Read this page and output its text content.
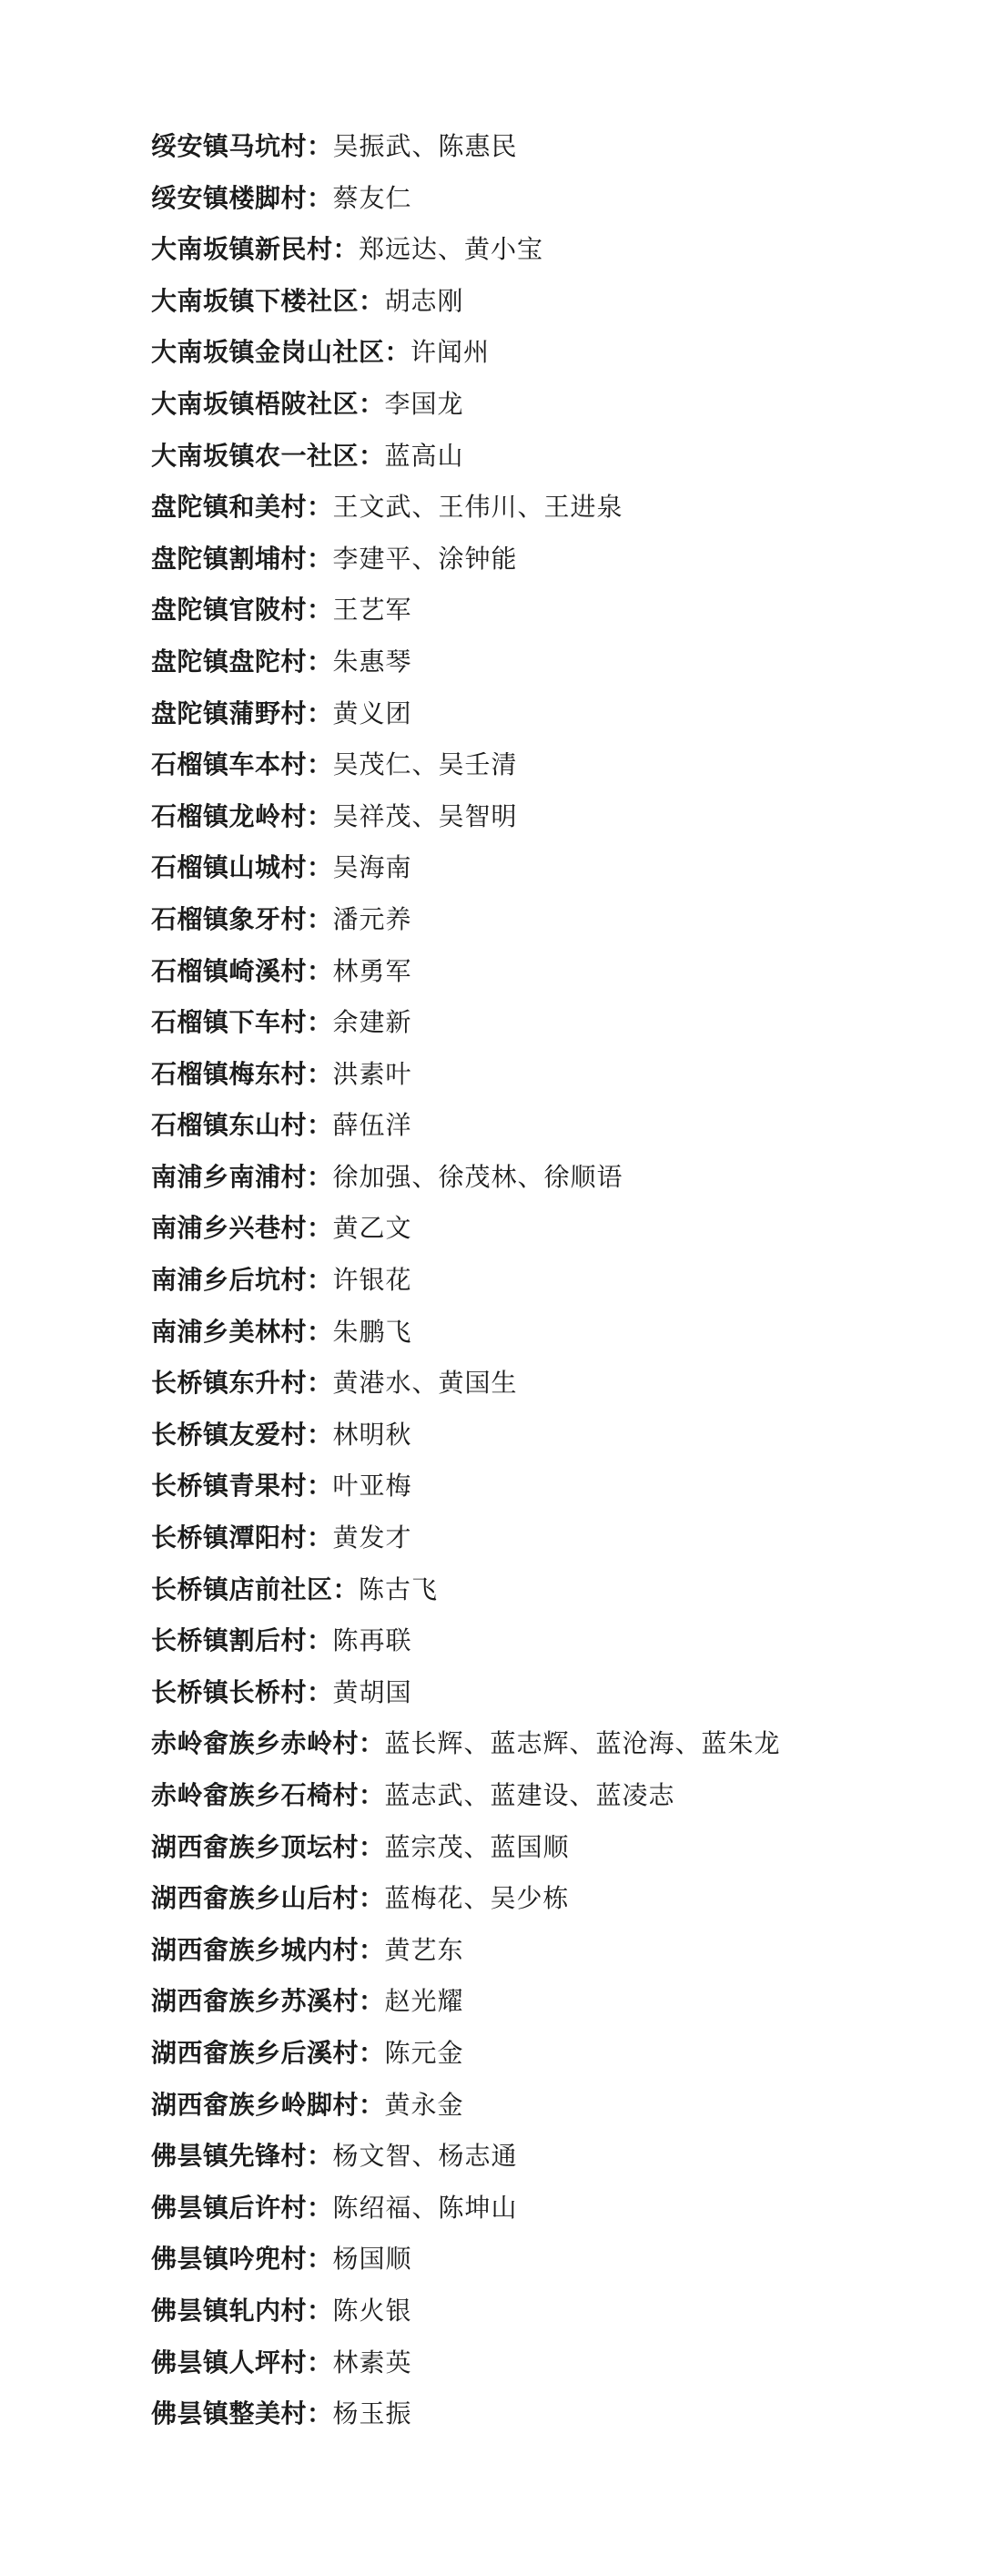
绥安镇马坑村：吴振武、陈惠民
绥安镇楼脚村：蔡友仁
大南坂镇新民村：郑远达、黄小宝
大南坂镇下楼社区：胡志刚
大南坂镇金岗山社区：许闻州
大南坂镇梧陂社区：李国龙
大南坂镇农一社区：蓝高山
盘陀镇和美村：王文武、王伟川、王进泉
盘陀镇割埔村：李建平、涂钟能
盘陀镇官陂村：王艺军
盘陀镇盘陀村：朱惠琴
盘陀镇蒲野村：黄义团
石榴镇车本村：吴茂仁、吴壬清
石榴镇龙岭村：吴祥茂、吴智明
石榴镇山城村：吴海南
石榴镇象牙村：潘元养
石榴镇崎溪村：林勇军
石榴镇下车村：余建新
石榴镇梅东村：洪素叶
石榴镇东山村：薛伍洋
南浦乡南浦村：徐加强、徐茂林、徐顺语
南浦乡兴巷村：黄乙文
南浦乡后坑村：许银花
南浦乡美林村：朱鹏飞
长桥镇东升村：黄港水、黄国生
长桥镇友爱村：林明秋
长桥镇青果村：叶亚梅
长桥镇潭阳村：黄发才
长桥镇店前社区：陈古飞
长桥镇割后村：陈再联
长桥镇长桥村：黄胡国
赤岭畲族乡赤岭村：蓝长辉、蓝志辉、蓝沧海、蓝朱龙
赤岭畲族乡石椅村：蓝志武、蓝建设、蓝凌志
湖西畲族乡顶坛村：蓝宗茂、蓝国顺
湖西畲族乡山后村：蓝梅花、吴少栋
湖西畲族乡城内村：黄艺东
湖西畲族乡苏溪村：赵光耀
湖西畲族乡后溪村：陈元金
湖西畲族乡岭脚村：黄永金
佛昙镇先锋村：杨文智、杨志通
佛昙镇后许村：陈绍福、陈坤山
佛昙镇吟兜村：杨国顺
佛昙镇轧内村：陈火银
佛昙镇人坪村：林素英
佛昙镇整美村：杨玉振
